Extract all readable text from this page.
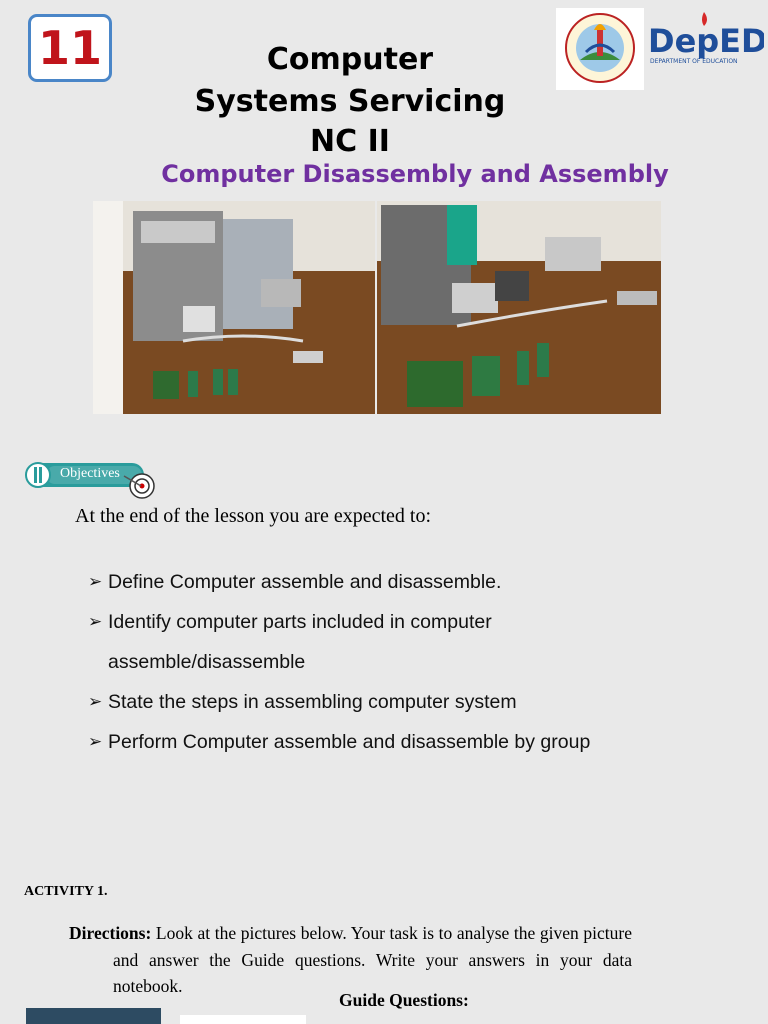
11	Computer
Systems Servicing
NC II
Computer Disassembly and Assembly
DepED
DEPARTMENT OF EDUCATION
Objectives
At the end of the lesson you are expected to:
➢ Define Computer assemble and disassemble.
➢ Identify computer parts included in computer
assemble/disassemble
➢ State the steps in assembling computer system
➢ Perform Computer assemble and disassemble by group
ACTIVITY 1.
Directions: Look at the pictures below. Your task is to analyse the given picture and answer the Guide questions. Write your answers in your data notebook.
Guide Questions:
